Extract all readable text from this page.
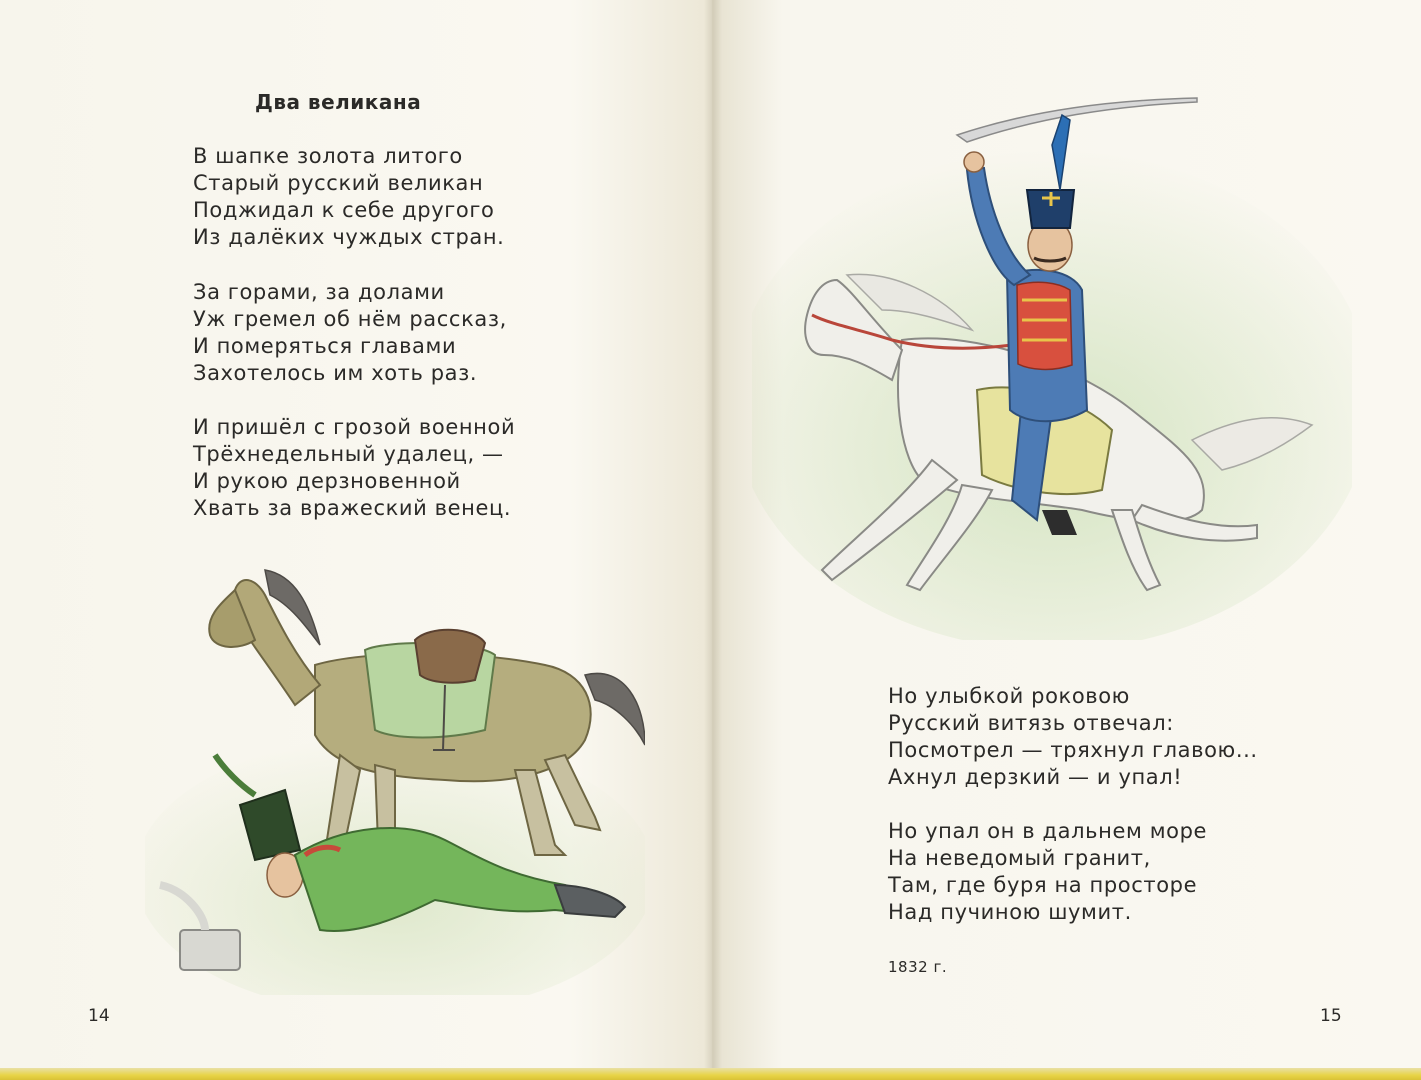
Два великана
В шапке золота литого
Старый русский великан
Поджидал к себе другого
Из далёких чуждых стран.
За горами, за долами
Уж гремел об нём рассказ,
И померяться главами
Захотелось им хоть раз.
И пришёл с грозой военной
Трёхнедельный удалец, —
И рукою дерзновенной
Хвать за вражеский венец.
14
Но улыбкой роковою
Русский витязь отвечал:
Посмотрел — тряхнул главою...
Ахнул дерзкий — и упал!
Но упал он в дальнем море
На неведомый гранит,
Там, где буря на просторе
Над пучиною шумит.
1832 г.
15
